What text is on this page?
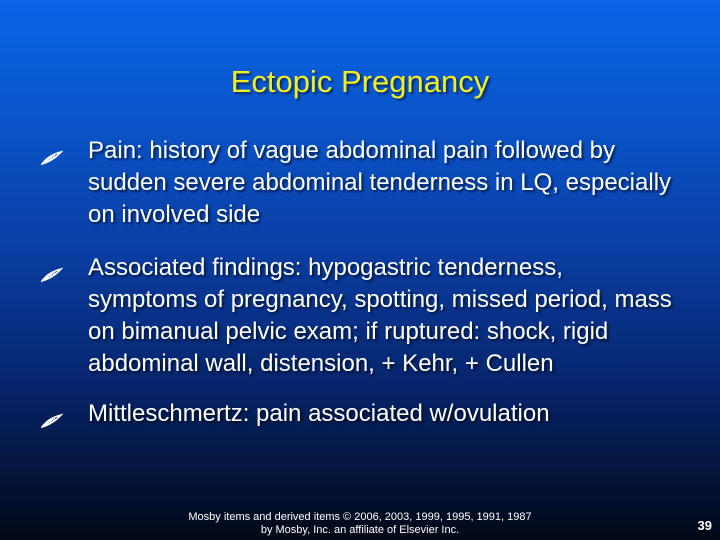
Ectopic Pregnancy
Pain: history of vague abdominal pain followed by sudden severe abdominal tenderness in LQ, especially on involved side
Associated findings: hypogastric tenderness, symptoms of pregnancy, spotting, missed period, mass on bimanual pelvic exam; if ruptured: shock, rigid abdominal wall, distension, + Kehr, + Cullen
Mittleschmertz: pain associated w/ovulation
Mosby items and derived items © 2006, 2003, 1999, 1995, 1991, 1987
by Mosby, Inc. an affiliate of Elsevier Inc.	39
